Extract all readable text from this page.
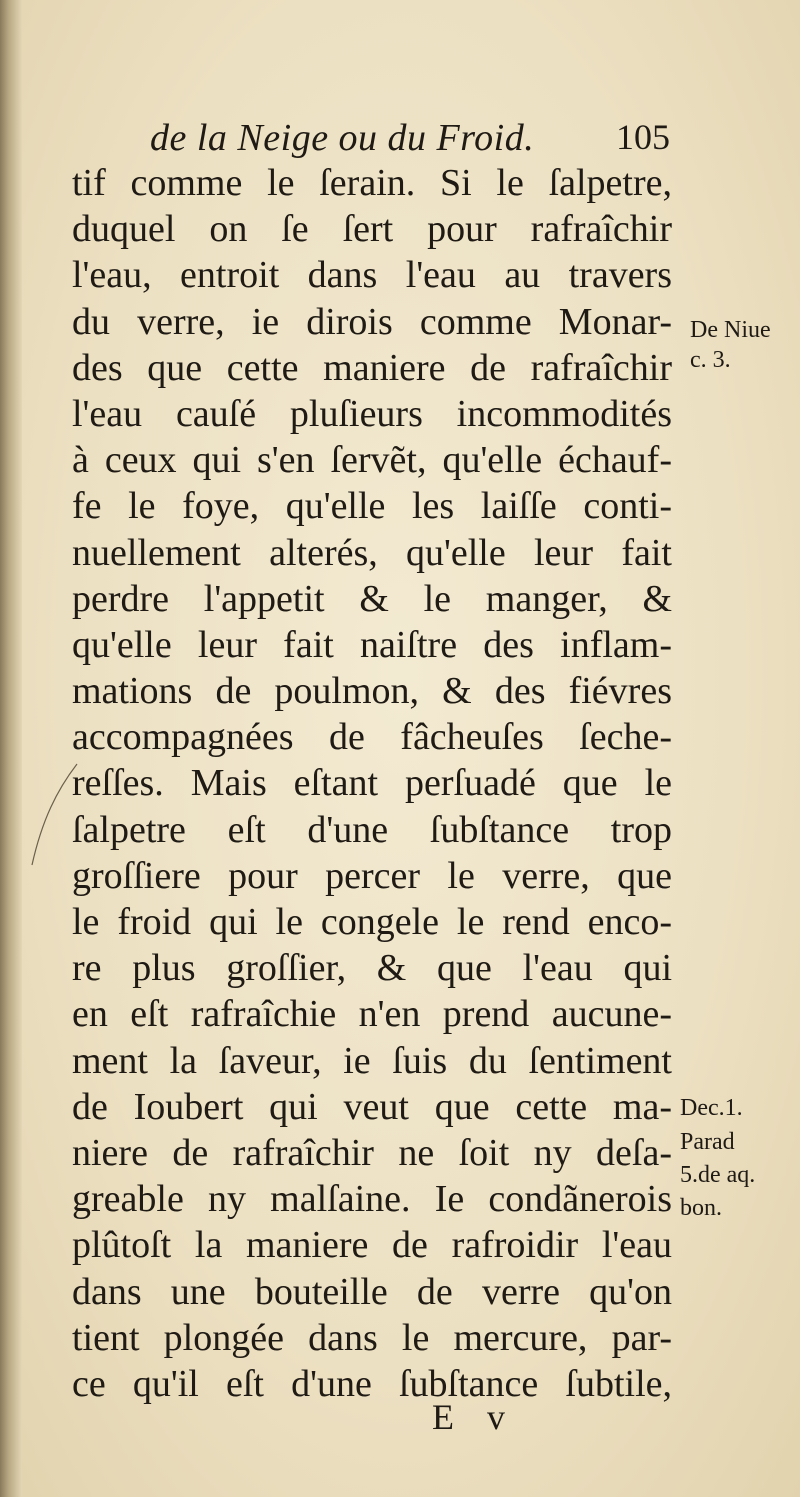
de la Neige ou du Froid. 105
tif comme le ſerain. Si le ſalpetre,
duquel on ſe ſert pour rafraîchir
l'eau, entroit dans l'eau au travers
du verre, ie dirois comme Monar-
des que cette maniere de rafraîchir
l'eau cauſé pluſieurs incommodités
à ceux qui s'en ſervẽt, qu'elle échauf-
fe le foye, qu'elle les laiſſe conti-
nuellement alterés, qu'elle leur fait
perdre l'appetit & le manger, &
qu'elle leur fait naiſtre des inflam-
mations de poulmon, & des fiévres
accompagnées de fâcheuſes ſeche-
reſſes. Mais eſtant perſuadé que le
ſalpetre eſt d'une ſubſtance trop
groſſiere pour percer le verre, que
le froid qui le congele le rend enco-
re plus groſſier, & que l'eau qui
en eſt rafraîchie n'en prend aucune-
ment la ſaveur, ie ſuis du ſentiment
de Ioubert qui veut que cette ma-
niere de rafraîchir ne ſoit ny deſa-
greable ny malſaine. Ie condãnerois
plûtoſt la maniere de rafroidir l'eau
dans une bouteille de verre qu'on
tient plongée dans le mercure, par-
ce qu'il eſt d'une ſubſtance ſubtile,
De Niue
c. 3.
Dec.1.
Parad
5.de aq.
bon.
E v
